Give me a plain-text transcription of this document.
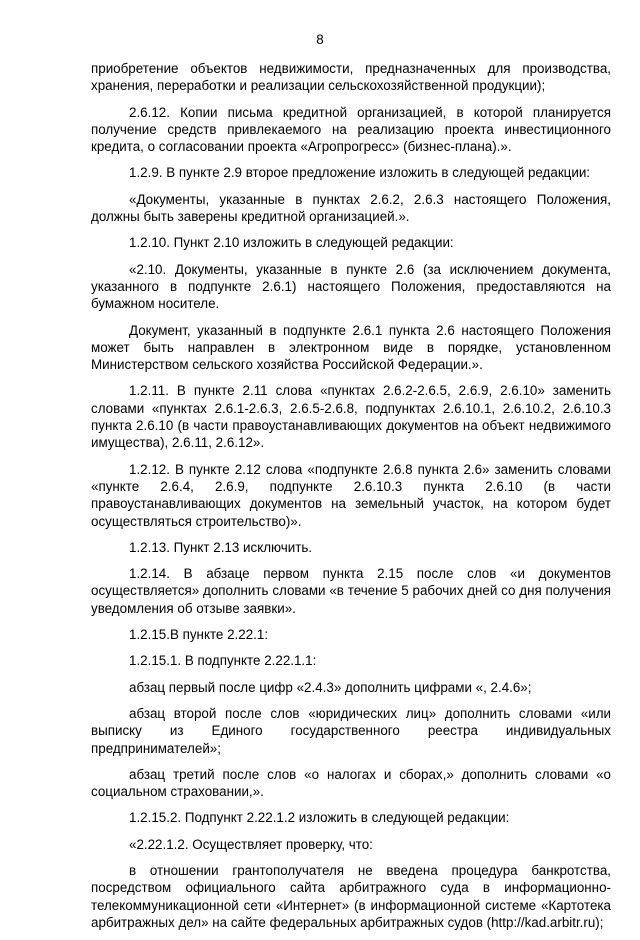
8

приобретение объектов недвижимости, предназначенных для производства, хранения, переработки и реализации сельскохозяйственной продукции);

2.6.12. Копии письма кредитной организацией, в которой планируется получение средств привлекаемого на реализацию проекта инвестиционного кредита, о согласовании проекта «Агропрогресс» (бизнес-плана).».

1.2.9. В пункте 2.9 второе предложение изложить в следующей редакции:

«Документы, указанные в пунктах 2.6.2, 2.6.3 настоящего Положения, должны быть заверены кредитной организацией.».

1.2.10. Пункт 2.10 изложить в следующей редакции:

«2.10. Документы, указанные в пункте 2.6 (за исключением документа, указанного в подпункте 2.6.1) настоящего Положения, предоставляются на бумажном носителе.

Документ, указанный в подпункте 2.6.1 пункта 2.6 настоящего Положения может быть направлен в электронном виде в порядке, установленном Министерством сельского хозяйства Российской Федерации.».

1.2.11. В пункте 2.11 слова «пунктах 2.6.2-2.6.5, 2.6.9, 2.6.10» заменить словами «пунктах 2.6.1-2.6.3, 2.6.5-2.6.8, подпунктах 2.6.10.1, 2.6.10.2, 2.6.10.3 пункта 2.6.10 (в части правоустанавливающих документов на объект недвижимого имущества), 2.6.11, 2.6.12».

1.2.12. В пункте 2.12 слова «подпункте 2.6.8 пункта 2.6» заменить словами «пункте 2.6.4, 2.6.9, подпункте 2.6.10.3 пункта 2.6.10 (в части правоустанавливающих документов на земельный участок, на котором будет осуществляться строительство)».

1.2.13. Пункт 2.13 исключить.

1.2.14. В абзаце первом пункта 2.15 после слов «и документов осуществляется» дополнить словами «в течение 5 рабочих дней со дня получения уведомления об отзыве заявки».

1.2.15.В пункте 2.22.1:

1.2.15.1. В подпункте 2.22.1.1:

абзац первый после цифр «2.4.3» дополнить цифрами «, 2.4.6»;

абзац второй после слов «юридических лиц» дополнить словами «или выписку из Единого государственного реестра индивидуальных предпринимателей»;

абзац третий после слов «о налогах и сборах,» дополнить словами «о социальном страховании,».

1.2.15.2. Подпункт 2.22.1.2 изложить в следующей редакции:

«2.22.1.2. Осуществляет проверку, что:

в отношении грантополучателя не введена процедура банкротства, посредством официального сайта арбитражного суда в информационно-телекоммуникационной сети «Интернет» (в информационной системе «Картотека арбитражных дел» на сайте федеральных арбитражных судов (http://kad.arbitr.ru);
